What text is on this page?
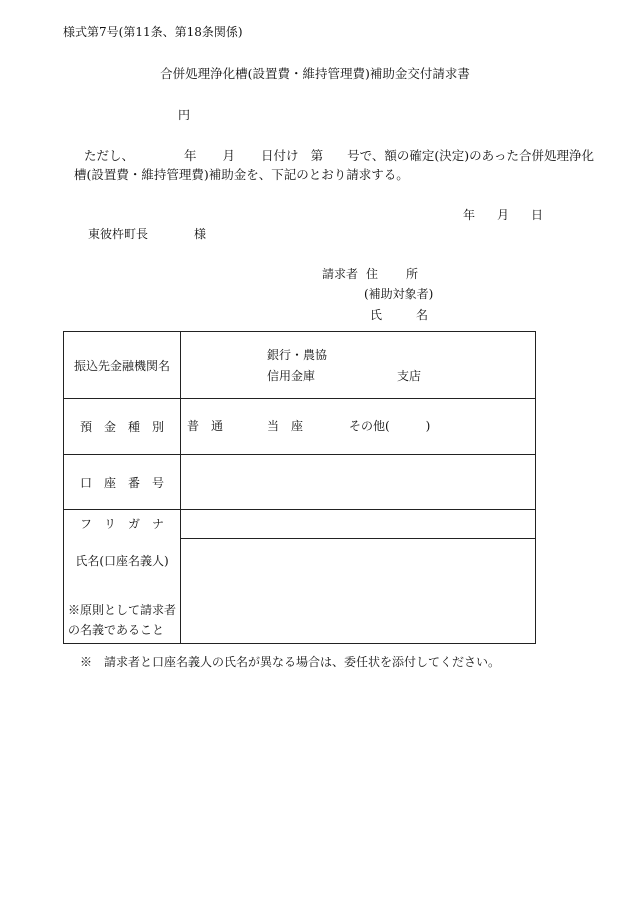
様式第7号(第11条、第18条関係)
合併処理浄化槽(設置費・維持管理費)補助金交付請求書
円
ただし、	年 月 日付け 第 号で、額の確定(決定)のあった合併処理浄化
槽(設置費・維持管理費)補助金を、下記のとおり請求する。
年 月 日
東彼杵町長	様
請求者 住 所
(補助対象者)
氏	名
振込先金融機関名	銀行・農協
信用金庫 支店

預　金　種　別	普　通 当　座 その他(　　　)

口　座　番　号	

フ　リ　ガ　ナ
氏名(口座名義人)
※原則として請求者
の名義であること	

※　請求者と口座名義人の氏名が異なる場合は、委任状を添付してください。
